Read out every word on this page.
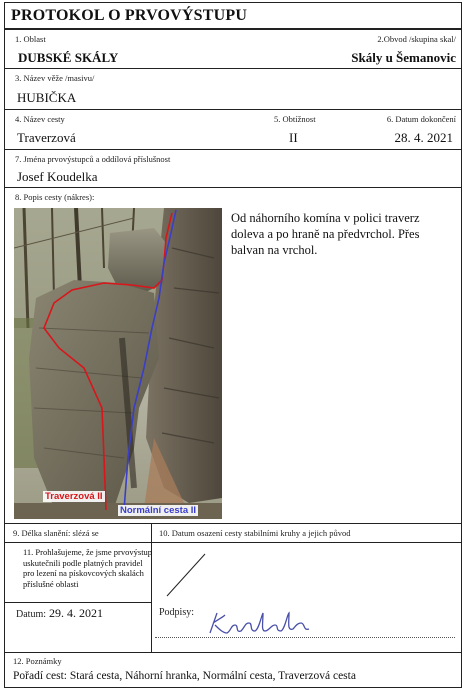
PROTOKOL O PRVOVÝSTUPU
1. Oblast
DUBSKÉ SKÁLY
2.Obvod /skupina skal/
Skály u Šemanovic
3. Název věže /masivu/
HUBIČKA
4. Název cesty
Traverzová
5. Obtížnost
II
6. Datum dokončení
28. 4. 2021
7. Jména prvovýstupců a oddílová příslušnost
Josef Koudelka
8. Popis cesty (nákres):
Traverzová II
Normální cesta II
Od náhorního komína v polici traverz doleva a po hraně na předvrchol. Přes balvan na vrchol.
9. Délka slanění: slézá se	10. Datum osazení cesty stabilními kruhy a jejich původ
11. Prohlašujeme, že jsme prvovýstup uskutečnili podle platných pravidel pro lezení na pískovcových skalách příslušné oblasti
Datum: 29. 4. 2021	Podpisy:
12. Poznámky
Pořadí cest: Stará cesta, Náhorní hranka, Normální cesta, Traverzová cesta
